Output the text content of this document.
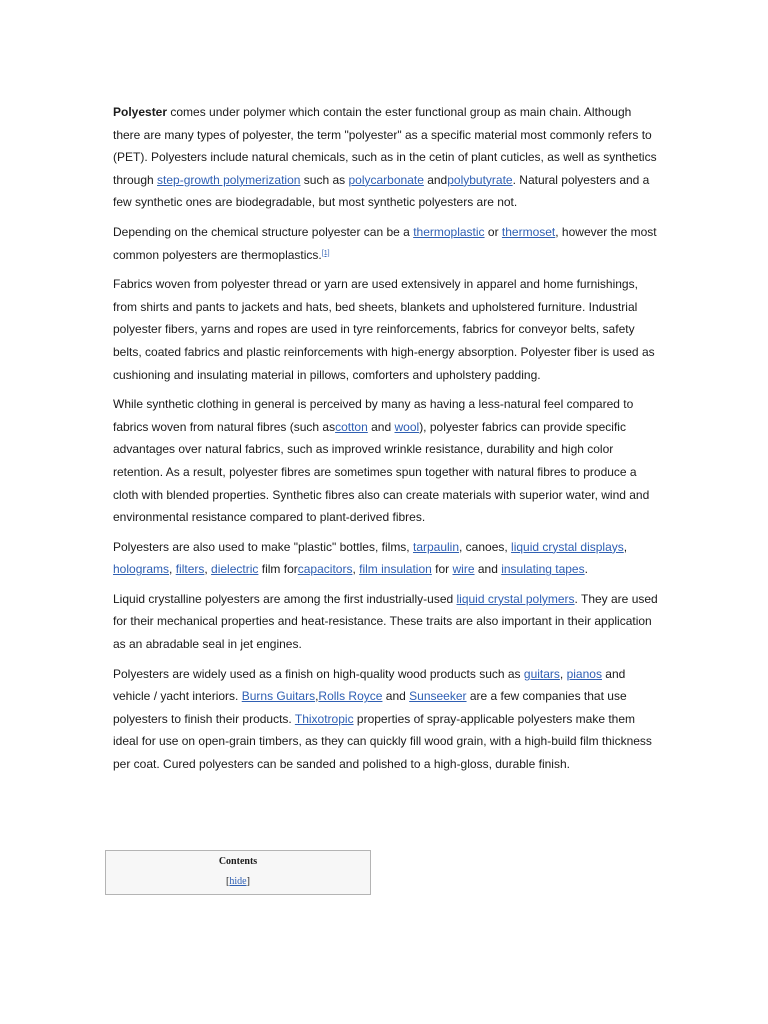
Polyester comes under polymer which contain the ester functional group as main chain. Although there are many types of polyester, the term "polyester" as a specific material most commonly refers to (PET). Polyesters include natural chemicals, such as in the cetin of plant cuticles, as well as synthetics through step-growth polymerization such as polycarbonate andpolybutyrate. Natural polyesters and a few synthetic ones are biodegradable, but most synthetic polyesters are not.

Depending on the chemical structure polyester can be a thermoplastic or thermoset, however the most common polyesters are thermoplastics.[1]

Fabrics woven from polyester thread or yarn are used extensively in apparel and home furnishings, from shirts and pants to jackets and hats, bed sheets, blankets and upholstered furniture. Industrial polyester fibers, yarns and ropes are used in tyre reinforcements, fabrics for conveyor belts, safety belts, coated fabrics and plastic reinforcements with high-energy absorption. Polyester fiber is used as cushioning and insulating material in pillows, comforters and upholstery padding.

While synthetic clothing in general is perceived by many as having a less-natural feel compared to fabrics woven from natural fibres (such ascotton and wool), polyester fabrics can provide specific advantages over natural fabrics, such as improved wrinkle resistance, durability and high color retention. As a result, polyester fibres are sometimes spun together with natural fibres to produce a cloth with blended properties. Synthetic fibres also can create materials with superior water, wind and environmental resistance compared to plant-derived fibres.

Polyesters are also used to make "plastic" bottles, films, tarpaulin, canoes, liquid crystal displays, holograms, filters, dielectric film forcapacitors, film insulation for wire and insulating tapes.

Liquid crystalline polyesters are among the first industrially-used liquid crystal polymers. They are used for their mechanical properties and heat-resistance. These traits are also important in their application as an abradable seal in jet engines.

Polyesters are widely used as a finish on high-quality wood products such as guitars, pianos and vehicle / yacht interiors. Burns Guitars,Rolls Royce and Sunseeker are a few companies that use polyesters to finish their products. Thixotropic properties of spray-applicable polyesters make them ideal for use on open-grain timbers, as they can quickly fill wood grain, with a high-build film thickness per coat. Cured polyesters can be sanded and polished to a high-gloss, durable finish.

Contents
[hide]
